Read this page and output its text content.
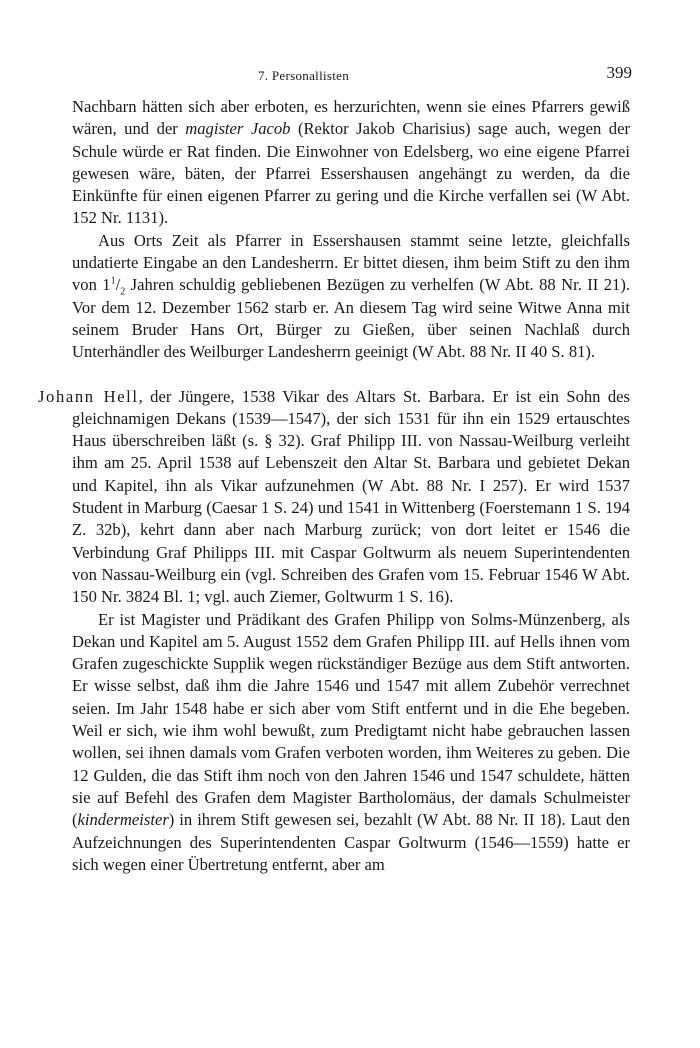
7. Personallisten	399

Nachbarn hätten sich aber erboten, es herzurichten, wenn sie eines Pfarrers gewiß wären, und der magister Jacob (Rektor Jakob Charisius) sage auch, wegen der Schule würde er Rat finden. Die Einwohner von Edelsberg, wo eine eigene Pfarrei gewesen wäre, bäten, der Pfarrei Essershausen angehängt zu werden, da die Einkünfte für einen eigenen Pfarrer zu gering und die Kirche verfallen sei (W Abt. 152 Nr. 1131).

Aus Orts Zeit als Pfarrer in Essershausen stammt seine letzte, gleichfalls undatierte Eingabe an den Landesherrn. Er bittet diesen, ihm beim Stift zu den ihm von $1^1/_2$ Jahren schuldig gebliebenen Bezügen zu verhelfen (W Abt. 88 Nr. II 21). Vor dem 12. Dezember 1562 starb er. An diesem Tag wird seine Witwe Anna mit seinem Bruder Hans Ort, Bürger zu Gießen, über seinen Nachlaß durch Unterhändler des Weilburger Landesherrn geeinigt (W Abt. 88 Nr. II 40 S. 81).

Johann Hell, der Jüngere, 1538 Vikar des Altars St. Barbara. Er ist ein Sohn des gleichnamigen Dekans (1539—1547), der sich 1531 für ihn ein 1529 ertauschtes Haus überschreiben läßt (s. § 32). Graf Philipp III. von Nassau-Weilburg verleiht ihm am 25. April 1538 auf Lebenszeit den Altar St. Barbara und gebietet Dekan und Kapitel, ihn als Vikar aufzunehmen (W Abt. 88 Nr. I 257). Er wird 1537 Student in Marburg (Caesar 1 S. 24) und 1541 in Wittenberg (Foerstemann 1 S. 194 Z. 32b), kehrt dann aber nach Marburg zurück; von dort leitet er 1546 die Verbindung Graf Philipps III. mit Caspar Goltwurm als neuem Superintendenten von Nassau-Weilburg ein (vgl. Schreiben des Grafen vom 15. Februar 1546 W Abt. 150 Nr. 3824 Bl. 1; vgl. auch Ziemer, Goltwurm 1 S. 16).

Er ist Magister und Prädikant des Grafen Philipp von Solms-Münzenberg, als Dekan und Kapitel am 5. August 1552 dem Grafen Philipp III. auf Hells ihnen vom Grafen zugeschickte Supplik wegen rückständiger Bezüge aus dem Stift antworten. Er wisse selbst, daß ihm die Jahre 1546 und 1547 mit allem Zubehör verrechnet seien. Im Jahr 1548 habe er sich aber vom Stift entfernt und in die Ehe begeben. Weil er sich, wie ihm wohl bewußt, zum Predigtamt nicht habe gebrauchen lassen wollen, sei ihnen damals vom Grafen verboten worden, ihm Weiteres zu geben. Die 12 Gulden, die das Stift ihm noch von den Jahren 1546 und 1547 schuldete, hätten sie auf Befehl des Grafen dem Magister Bartholomäus, der damals Schulmeister (kindermeister) in ihrem Stift gewesen sei, bezahlt (W Abt. 88 Nr. II 18). Laut den Aufzeichnungen des Superintendenten Caspar Goltwurm (1546—1559) hatte er sich wegen einer Übertretung entfernt, aber am
